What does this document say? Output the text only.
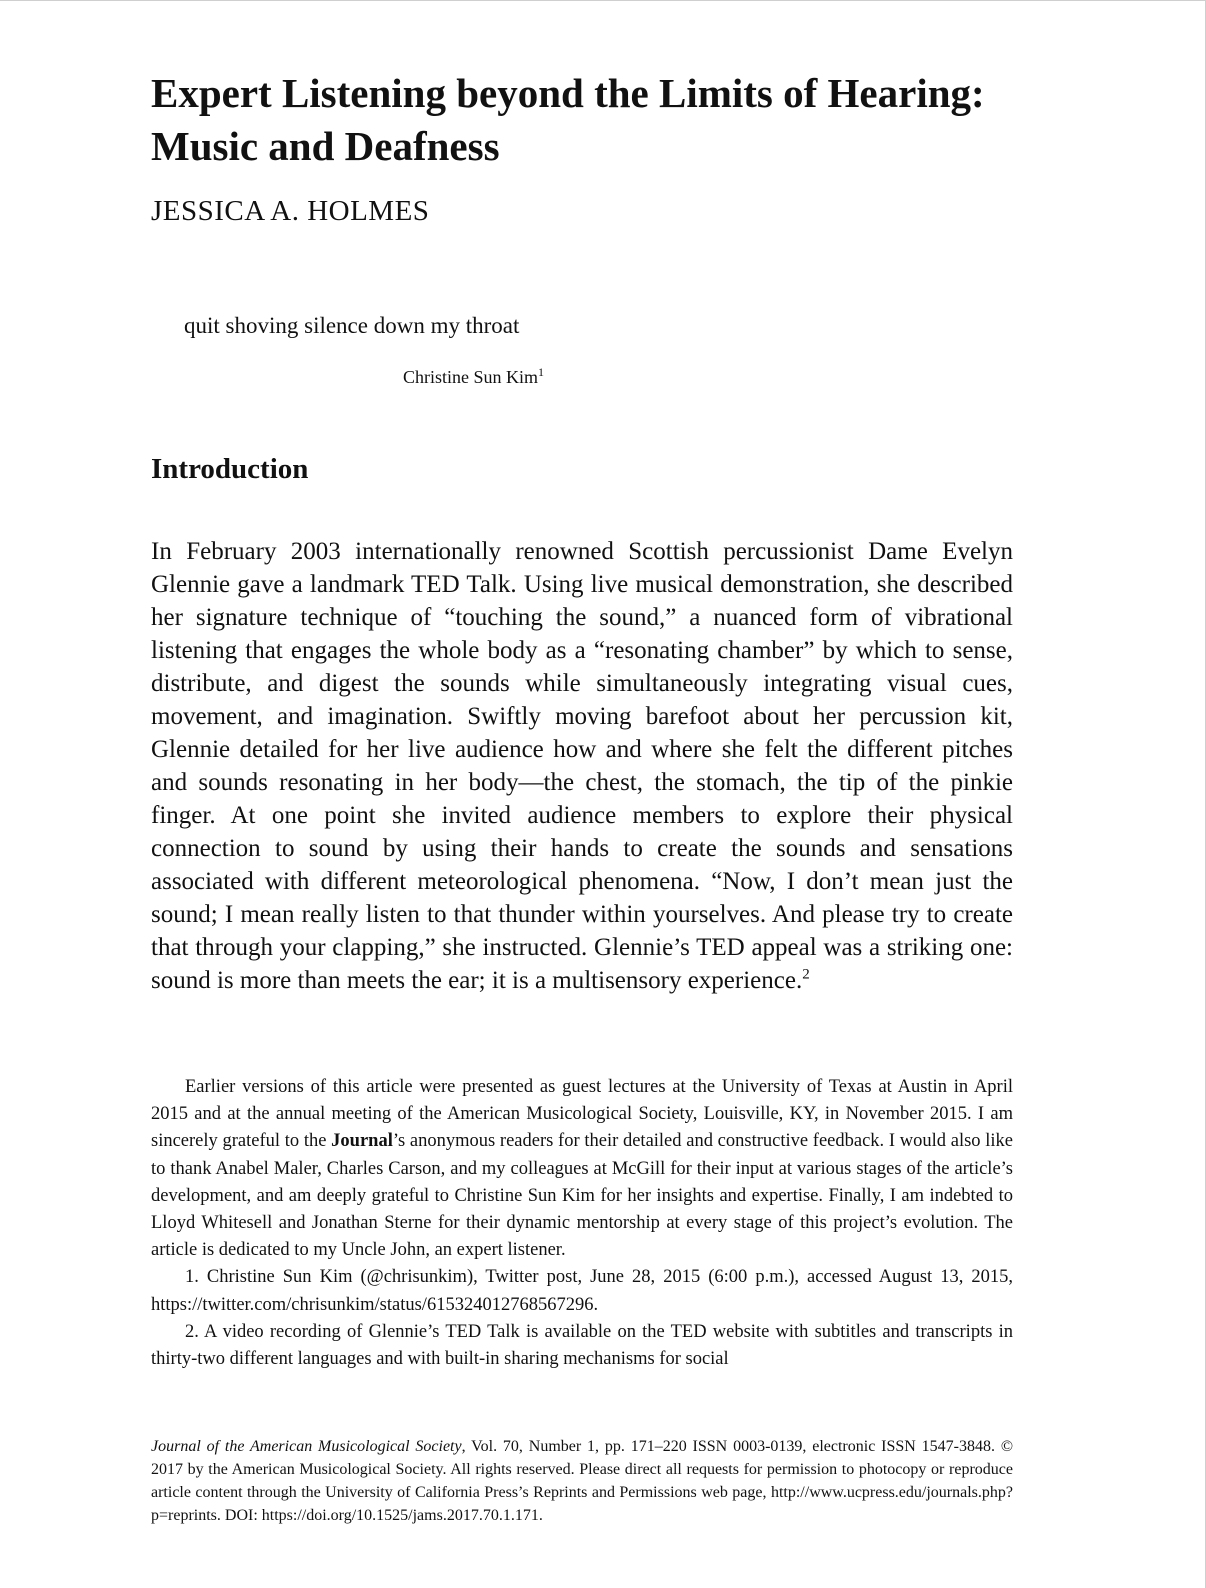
Expert Listening beyond the Limits of Hearing: Music and Deafness

JESSICA A. HOLMES

quit shoving silence down my throat

Christine Sun Kim$^1$

Introduction

In February 2003 internationally renowned Scottish percussionist Dame Evelyn Glennie gave a landmark TED Talk. Using live musical demonstration, she described her signature technique of “touching the sound,” a nuanced form of vibrational listening that engages the whole body as a “resonating chamber” by which to sense, distribute, and digest the sounds while simultaneously integrating visual cues, movement, and imagination. Swiftly moving barefoot about her percussion kit, Glennie detailed for her live audience how and where she felt the different pitches and sounds resonating in her body—the chest, the stomach, the tip of the pinkie finger. At one point she invited audience members to explore their physical connection to sound by using their hands to create the sounds and sensations associated with different meteorological phenomena. “Now, I don’t mean just the sound; I mean really listen to that thunder within yourselves. And please try to create that through your clapping,” she instructed. Glennie’s TED appeal was a striking one: sound is more than meets the ear; it is a multisensory experience.$^2$

Earlier versions of this article were presented as guest lectures at the University of Texas at Austin in April 2015 and at the annual meeting of the American Musicological Society, Louisville, KY, in November 2015. I am sincerely grateful to the Journal’s anonymous readers for their detailed and constructive feedback. I would also like to thank Anabel Maler, Charles Carson, and my colleagues at McGill for their input at various stages of the article’s development, and am deeply grateful to Christine Sun Kim for her insights and expertise. Finally, I am indebted to Lloyd Whitesell and Jonathan Sterne for their dynamic mentorship at every stage of this project’s evolution. The article is dedicated to my Uncle John, an expert listener.

1. Christine Sun Kim (@chrisunkim), Twitter post, June 28, 2015 (6:00 p.m.), accessed August 13, 2015, https://twitter.com/chrisunkim/status/615324012768567296.

2. A video recording of Glennie’s TED Talk is available on the TED website with subtitles and transcripts in thirty-two different languages and with built-in sharing mechanisms for social

Journal of the American Musicological Society, Vol. 70, Number 1, pp. 171–220 ISSN 0003-0139, electronic ISSN 1547-3848. © 2017 by the American Musicological Society. All rights reserved. Please direct all requests for permission to photocopy or reproduce article content through the University of California Press’s Reprints and Permissions web page, http://www.ucpress.edu/journals.php?p=reprints. DOI: https://doi.org/10.1525/jams.2017.70.1.171.
